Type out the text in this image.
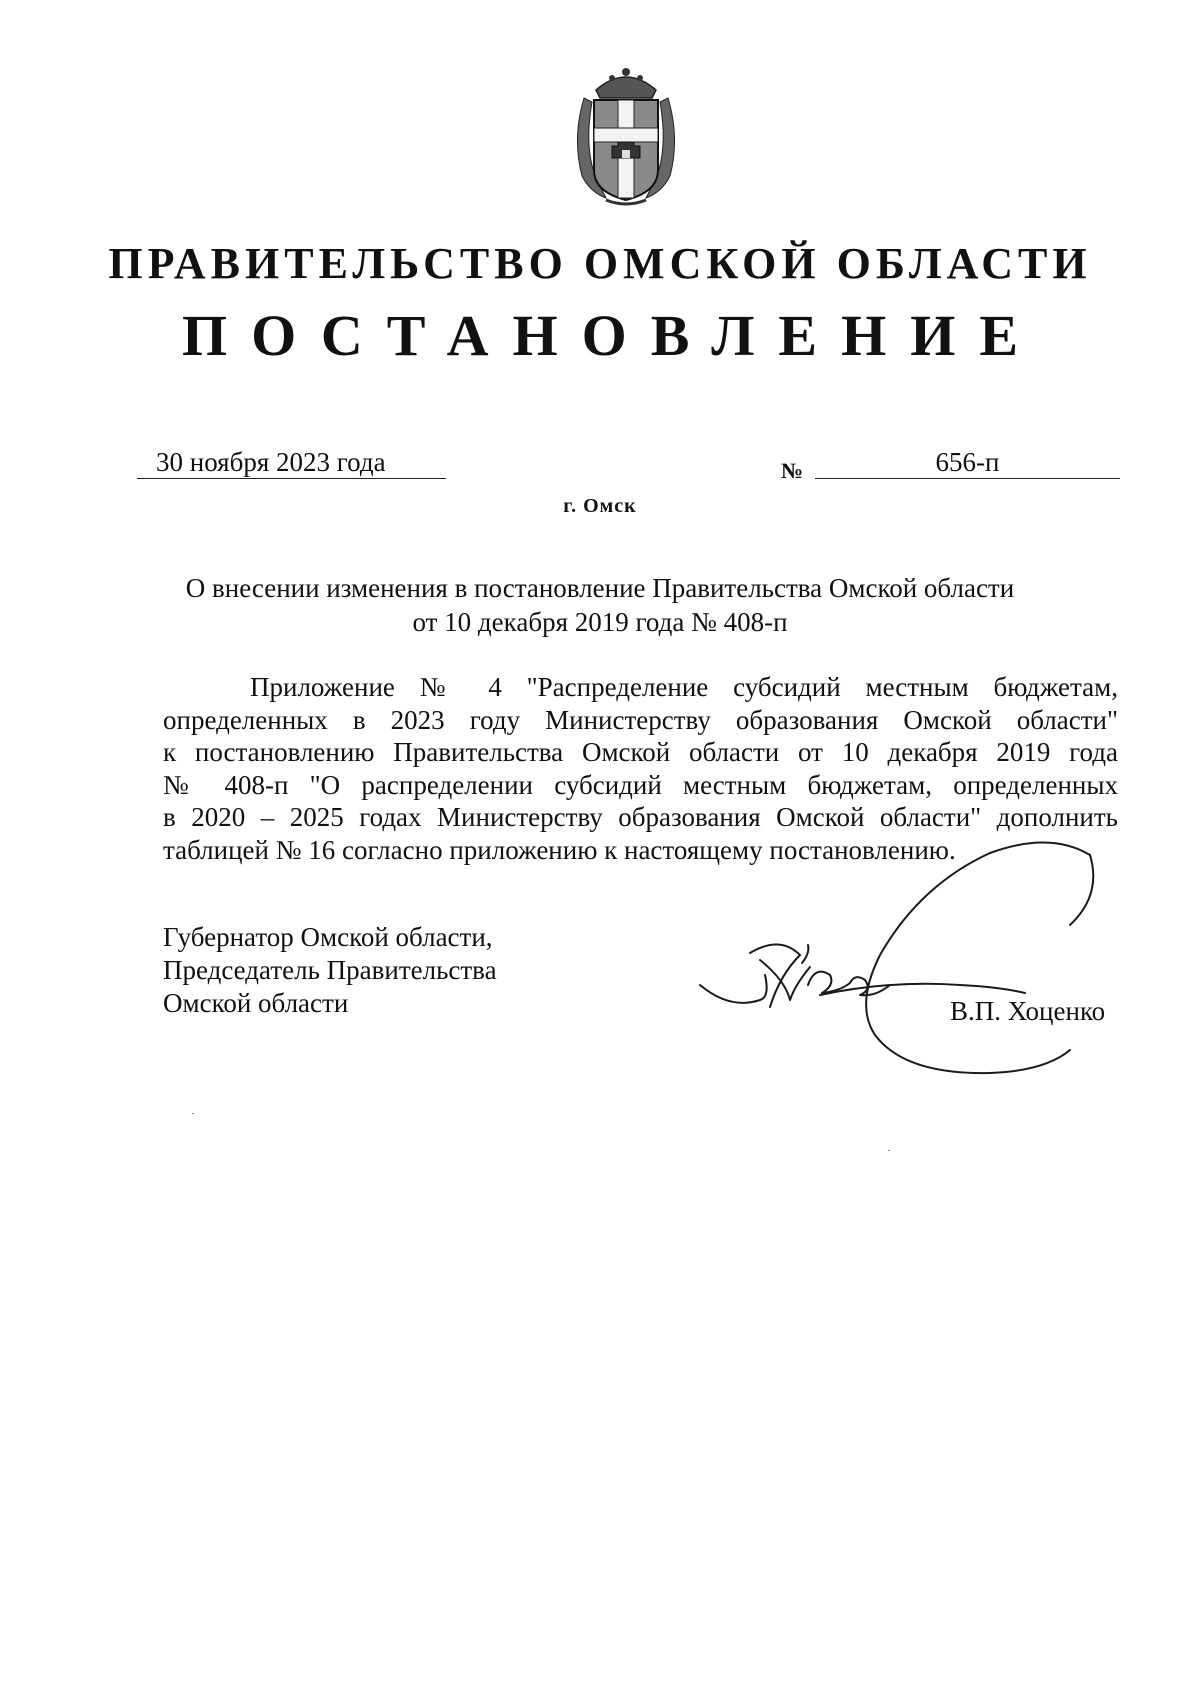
ПРАВИТЕЛЬСТВО ОМСКОЙ ОБЛАСТИ
ПОСТАНОВЛЕНИЕ
30 ноября 2023 года	№	656-п
г. Омск
О внесении изменения в постановление Правительства Омской области
от 10 декабря 2019 года № 408-п
Приложение № 4 "Распределение субсидий местным бюджетам,
определенных в 2023 году Министерству образования Омской области"
к постановлению Правительства Омской области от 10 декабря 2019 года
№ 408-п "О распределении субсидий местным бюджетам, определенных
в 2020 – 2025 годах Министерству образования Омской области" дополнить
таблицей № 16 согласно приложению к настоящему постановлению.
Губернатор Омской области,
Председатель Правительства
Омской области	В.П. Хоценко
